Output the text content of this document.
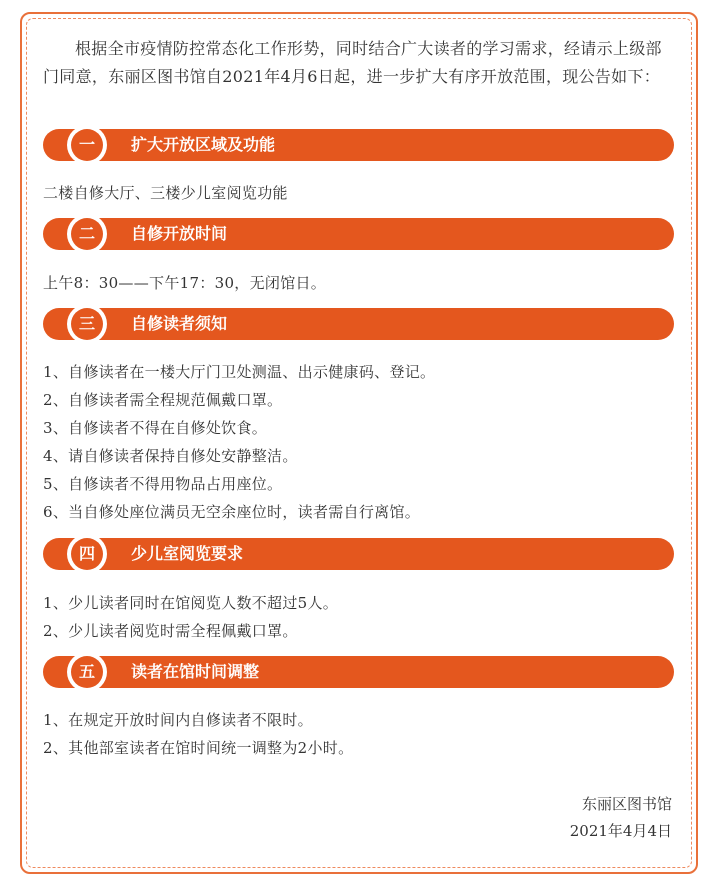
根据全市疫情防控常态化工作形势，同时结合广大读者的学习需求，经请示上级部门同意，东丽区图书馆自2021年4月6日起，进一步扩大有序开放范围，现公告如下：

一	扩大开放区域及功能

二楼自修大厅、三楼少儿室阅览功能

二	自修开放时间

上午8：30——下午17：30，无闭馆日。

三	自修读者须知

1、自修读者在一楼大厅门卫处测温、出示健康码、登记。

2、自修读者需全程规范佩戴口罩。

3、自修读者不得在自修处饮食。

4、请自修读者保持自修处安静整洁。

5、自修读者不得用物品占用座位。

6、当自修处座位满员无空余座位时，读者需自行离馆。

四	少儿室阅览要求

1、少儿读者同时在馆阅览人数不超过5人。

2、少儿读者阅览时需全程佩戴口罩。

五	读者在馆时间调整

1、在规定开放时间内自修读者不限时。

2、其他部室读者在馆时间统一调整为2小时。

东丽区图书馆

2021年4月4日
